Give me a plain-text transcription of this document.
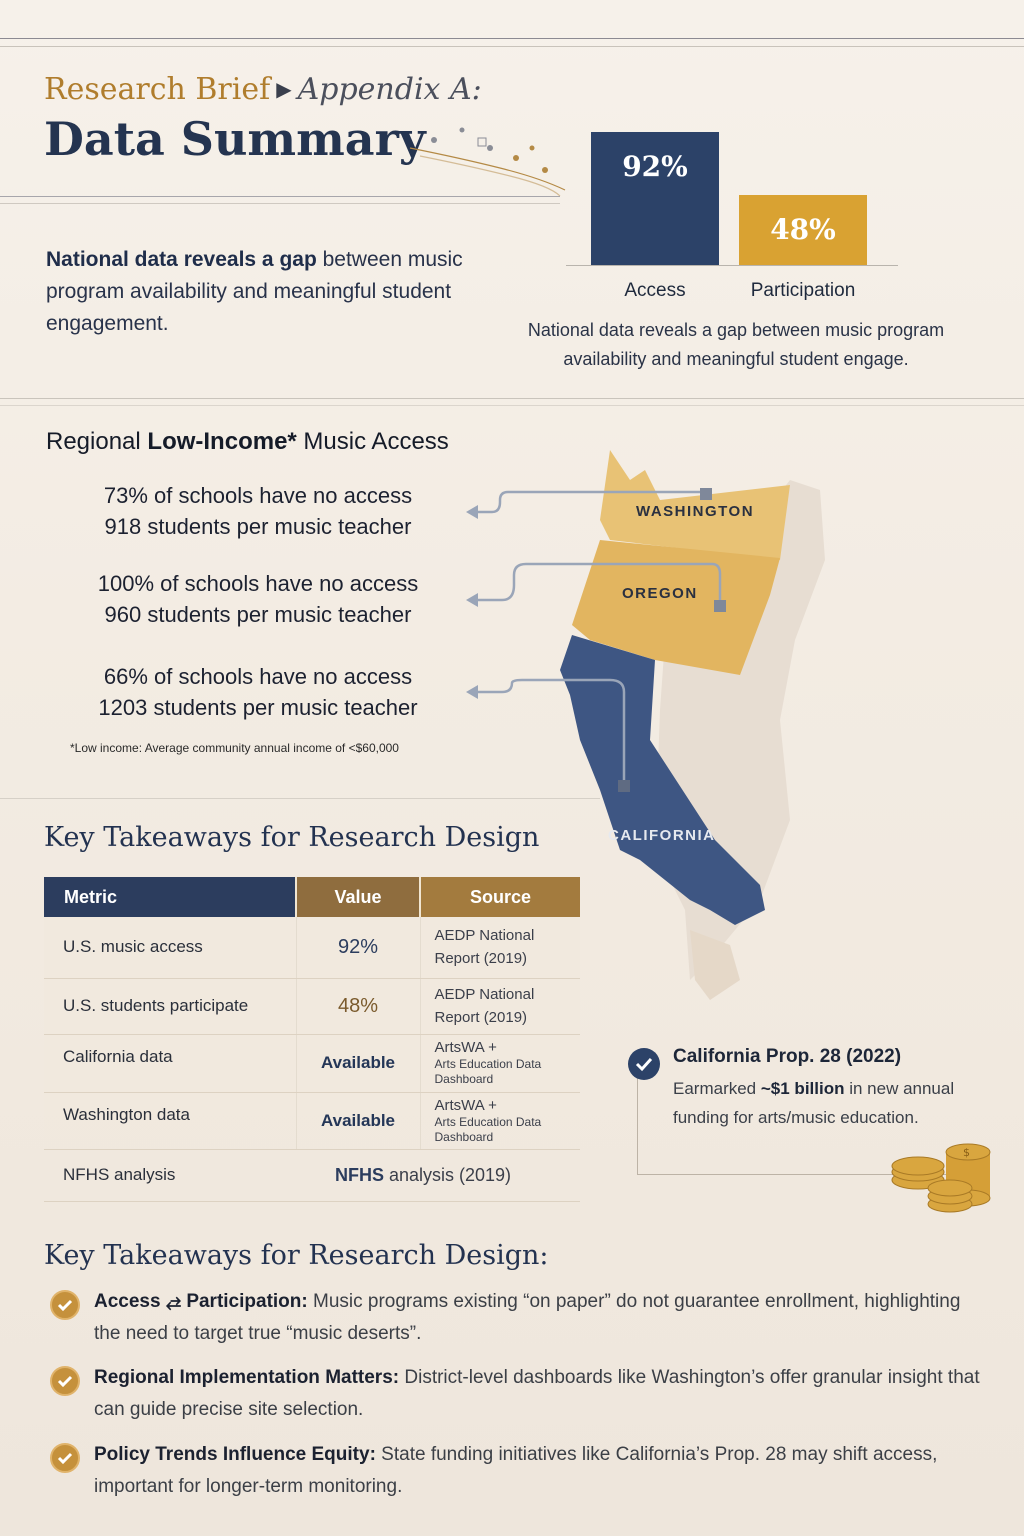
Research Brief ▶ Appendix A:
Data Summary
National data reveals a gap between music program availability and meaningful student engagement.
92%
Access
48%
Participation
National data reveals a gap between music program availability and meaningful student engage.
Regional Low-Income* Music Access
73% of schools have no access
918 students per music teacher
100% of schools have no access
960 students per music teacher
66% of schools have no access
1203 students per music teacher
*Low income: Average community annual income of <$60,000
WASHINGTON
OREGON
CALIFORNIA
Key Takeaways for Research Design
Metric	Value	Source
U.S. music access	92%	AEDP National Report (2019)
U.S. students participate	48%	AEDP National Report (2019)
California data	Available	ArtsWA +
Arts Education Data Dashboard

Washington data	Available	ArtsWA +
Arts Education Data Dashboard

NFHS analysis	NFHS analysis (2019)	
California Prop. 28 (2022)
Earmarked ~$1 billion in new annual funding for arts/music education.
$
Key Takeaways for Research Design:
Access ⥄ Participation: Music programs existing “on paper” do not guarantee enrollment, highlighting the need to target true “music deserts”.
Regional Implementation Matters: District-level dashboards like Washington’s offer granular insight that can guide precise site selection.
Policy Trends Influence Equity: State funding initiatives like California’s Prop. 28 may shift access, important for longer-term monitoring.
